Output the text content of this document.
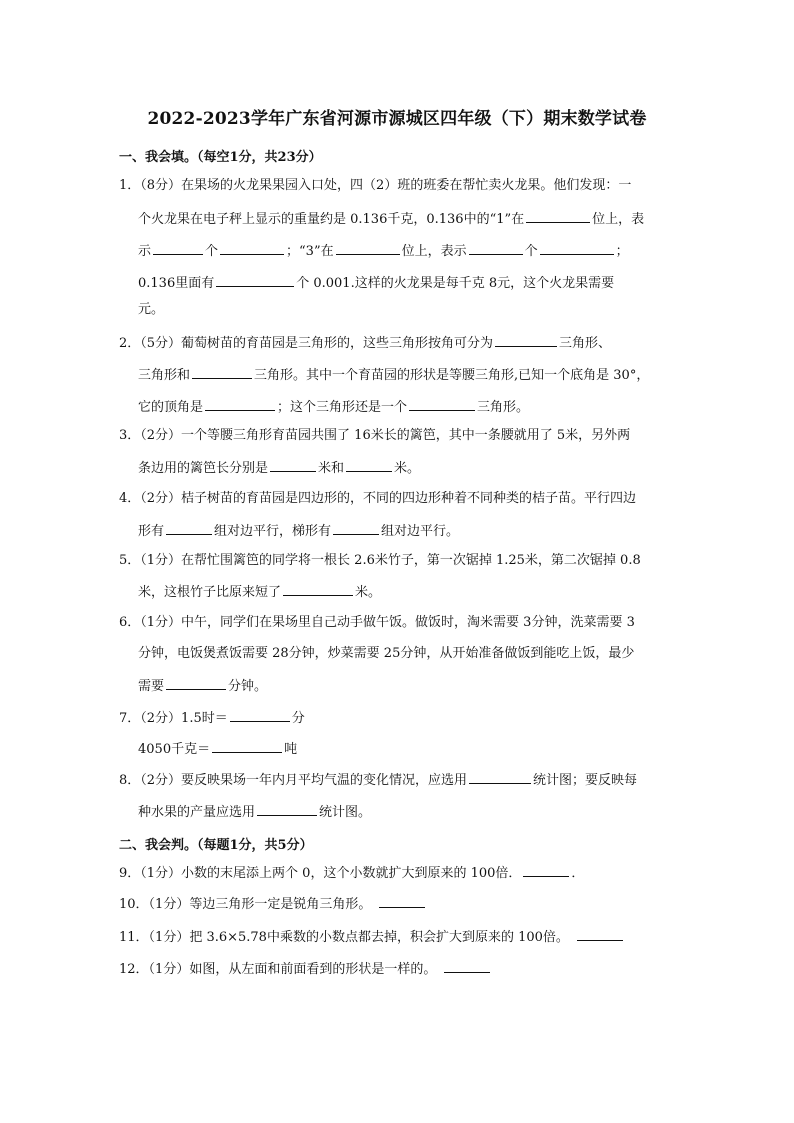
2022-2023学年广东省河源市源城区四年级（下）期末数学试卷
一、我会填。（每空1分，共23分）
1．（8分）在果场的火龙果果园入口处，四（2）班的班委在帮忙卖火龙果。他们发现：一
个火龙果在电子秤上显示的重量约是 0.136千克，0.136中的“1”在	位上，表
示	个	；“3”在	位上，表示	个	；
0.136里面有	个 0.001.这样的火龙果是每千克 8元，这个火龙果需要
元。
2．（5分）葡萄树苗的育苗园是三角形的，这些三角形按角可分为	三角形、
三角形和	三角形。其中一个育苗园的形状是等腰三角形,已知一个底角是 30°，
它的顶角是	；这个三角形还是一个	三角形。
3．（2分）一个等腰三角形育苗园共围了 16米长的篱笆，其中一条腰就用了 5米，另外两
条边用的篱笆长分别是	米和	米。
4．（2分）桔子树苗的育苗园是四边形的，不同的四边形种着不同种类的桔子苗。平行四边
形有	组对边平行，梯形有	组对边平行。
5．（1分）在帮忙围篱笆的同学将一根长 2.6米竹子，第一次锯掉 1.25米，第二次锯掉 0.8
米，这根竹子比原来短了	米。
6．（1分）中午，同学们在果场里自己动手做午饭。做饭时，淘米需要 3分钟，洗菜需要 3
分钟，电饭煲煮饭需要 28分钟，炒菜需要 25分钟，从开始准备做饭到能吃上饭，最少
需要	分钟。
7．（2分）1.5时＝	分
4050千克＝	吨
8．（2分）要反映果场一年内月平均气温的变化情况，应选用	统计图；要反映每
种水果的产量应选用	统计图。
二、我会判。（每题1分，共5分）
9．（1分）小数的末尾添上两个 0，这个小数就扩大到原来的 100倍．	．
10．（1分）等边三角形一定是锐角三角形。
11．（1分）把 3.6×5.78中乘数的小数点都去掉，积会扩大到原来的 100倍。
12．（1分）如图，从左面和前面看到的形状是一样的。
